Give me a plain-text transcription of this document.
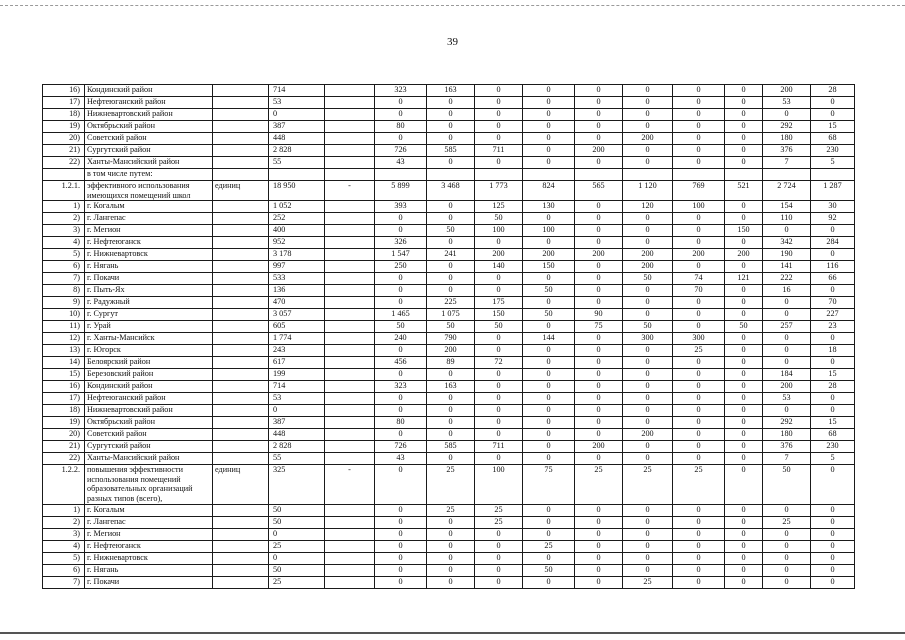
39
16)	Кондинский район		714		323	163	0	0	0	0	0	0	200	28
17)	Нефтеюганский район		53		0	0	0	0	0	0	0	0	53	0
18)	Нижневартовский район		0		0	0	0	0	0	0	0	0	0	0
19)	Октябрьский район		387		80	0	0	0	0	0	0	0	292	15
20)	Советский район		448		0	0	0	0	0	200	0	0	180	68
21)	Сургутский район		2 828		726	585	711	0	200	0	0	0	376	230
22)	Ханты-Мансийский район		55		43	0	0	0	0	0	0	0	7	5
	в том числе путем:													
1.2.1.	эффективного использования имеющихся помещений школ	единиц	18 950	-	5 899	3 468	1 773	824	565	1 120	769	521	2 724	1 287
1)	г. Когалым		1 052		393	0	125	130	0	120	100	0	154	30
2)	г. Лангепас		252		0	0	50	0	0	0	0	0	110	92
3)	г. Мегион		400		0	50	100	100	0	0	0	150	0	0
4)	г. Нефтеюганск		952		326	0	0	0	0	0	0	0	342	284
5)	г. Нижневартовск		3 178		1 547	241	200	200	200	200	200	200	190	0
6)	г. Нягань		997		250	0	140	150	0	200	0	0	141	116
7)	г. Покачи		533		0	0	0	0	0	50	74	121	222	66
8)	г. Пыть-Ях		136		0	0	0	50	0	0	70	0	16	0
9)	г. Радужный		470		0	225	175	0	0	0	0	0	0	70
10)	г. Сургут		3 057		1 465	1 075	150	50	90	0	0	0	0	227
11)	г. Урай		605		50	50	50	0	75	50	0	50	257	23
12)	г. Ханты-Мансийск		1 774		240	790	0	144	0	300	300	0	0	0
13)	г. Югорск		243		0	200	0	0	0	0	25	0	0	18
14)	Белоярский район		617		456	89	72	0	0	0	0	0	0	0
15)	Березовский район		199		0	0	0	0	0	0	0	0	184	15
16)	Кондинский район		714		323	163	0	0	0	0	0	0	200	28
17)	Нефтеюганский район		53		0	0	0	0	0	0	0	0	53	0
18)	Нижневартовский район		0		0	0	0	0	0	0	0	0	0	0
19)	Октябрьский район		387		80	0	0	0	0	0	0	0	292	15
20)	Советский район		448		0	0	0	0	0	200	0	0	180	68
21)	Сургутский район		2 828		726	585	711	0	200	0	0	0	376	230
22)	Ханты-Мансийский район		55		43	0	0	0	0	0	0	0	7	5
1.2.2.	повышения эффективности использования помещений образовательных организаций разных типов (всего),	единиц	325	-	0	25	100	75	25	25	25	0	50	0
1)	г. Когалым		50		0	25	25	0	0	0	0	0	0	0
2)	г. Лангепас		50		0	0	25	0	0	0	0	0	25	0
3)	г. Мегион		0		0	0	0	0	0	0	0	0	0	0
4)	г. Нефтеюганск		25		0	0	0	25	0	0	0	0	0	0
5)	г. Нижневартовск		0		0	0	0	0	0	0	0	0	0	0
6)	г. Нягань		50		0	0	0	50	0	0	0	0	0	0
7)	г. Покачи		25		0	0	0	0	0	25	0	0	0	0
